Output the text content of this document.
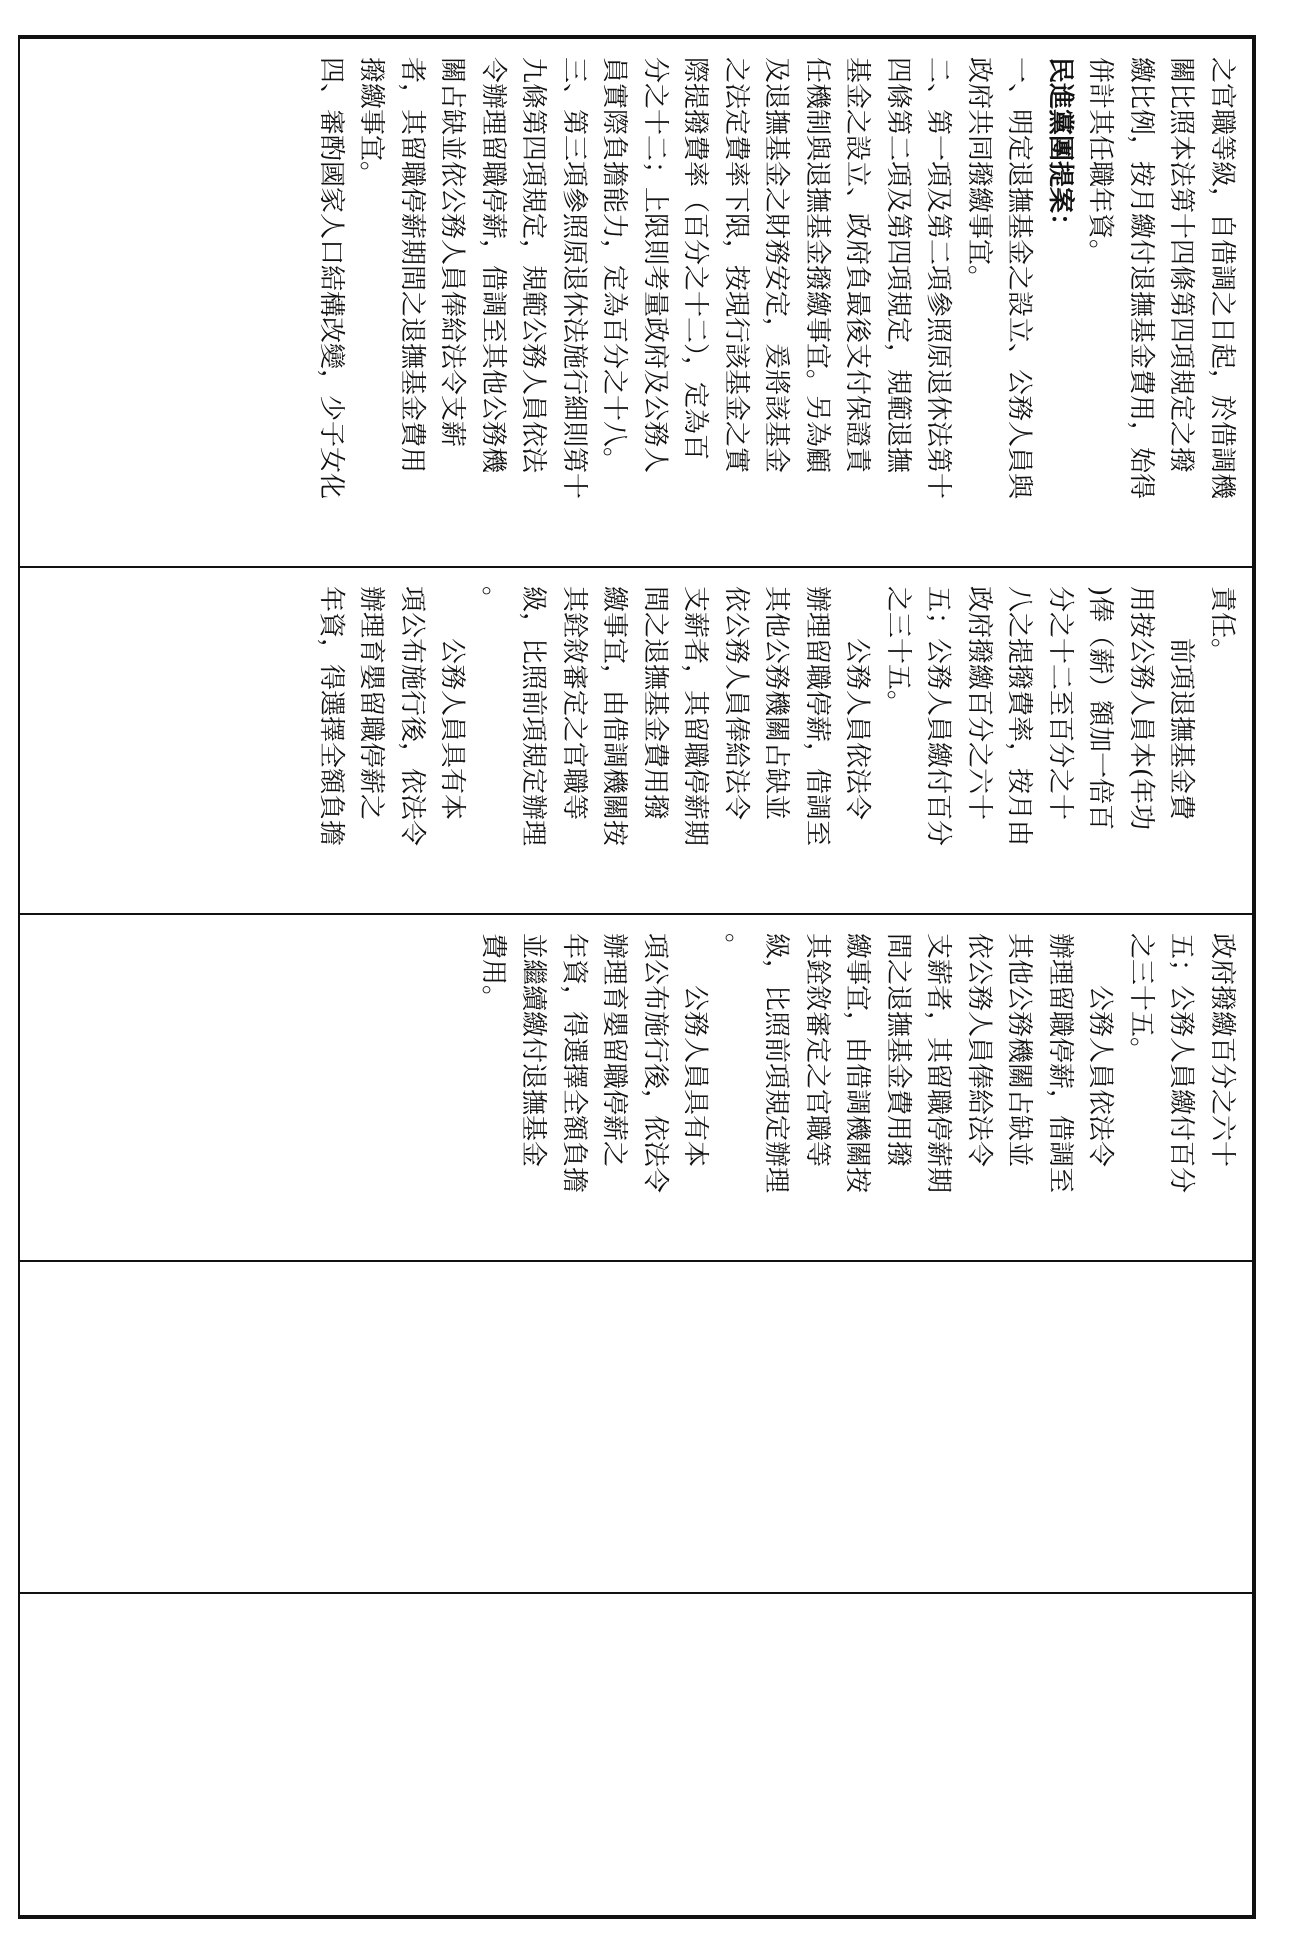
之官職等級，自借調之日起，於借調機
關比照本法第十四條第四項規定之撥
繳比例，按月繳付退撫基金費用，始得
併計其任職年資。
民進黨團提案：
一、明定退撫基金之設立、公務人員與
政府共同撥繳事宜。
二、第一項及第二項參照原退休法第十
四條第二項及第四項規定，規範退撫
基金之設立、政府負最後支付保證責
任機制與退撫基金撥繳事宜。另為顧
及退撫基金之財務安定，爰將該基金
之法定費率下限，按現行該基金之實
際提撥費率（百分之十二），定為百
分之十二；上限則考量政府及公務人
員實際負擔能力，定為百分之十八。
三、第三項參照原退休法施行細則第十
九條第四項規定，規範公務人員依法
令辦理留職停薪，借調至其他公務機
關占缺並依公務人員俸給法令支薪
者，其留職停薪期間之退撫基金費用
撥繳事宜。
四、審酌國家人口結構改變，少子女化
責任。
　　前項退撫基金費
用按公務人員本(年功
)俸（薪）額加一倍百
分之十二至百分之十
八之提撥費率，按月由
政府撥繳百分之六十
五；公務人員繳付百分
之三十五。
　　公務人員依法令
辦理留職停薪，借調至
其他公務機關占缺並
依公務人員俸給法令
支薪者，其留職停薪期
間之退撫基金費用撥
繳事宜，由借調機關按
其銓敘審定之官職等
級，比照前項規定辦理
。
　　公務人員具有本
項公布施行後，依法令
辦理育嬰留職停薪之
年資，得選擇全額負擔
政府撥繳百分之六十
五；公務人員繳付百分
之三十五。
　　公務人員依法令
辦理留職停薪，借調至
其他公務機關占缺並
依公務人員俸給法令
支薪者，其留職停薪期
間之退撫基金費用撥
繳事宜，由借調機關按
其銓敘審定之官職等
級，比照前項規定辦理
。
　　公務人員具有本
項公布施行後，依法令
辦理育嬰留職停薪之
年資，得選擇全額負擔
並繼續繳付退撫基金
費用。
